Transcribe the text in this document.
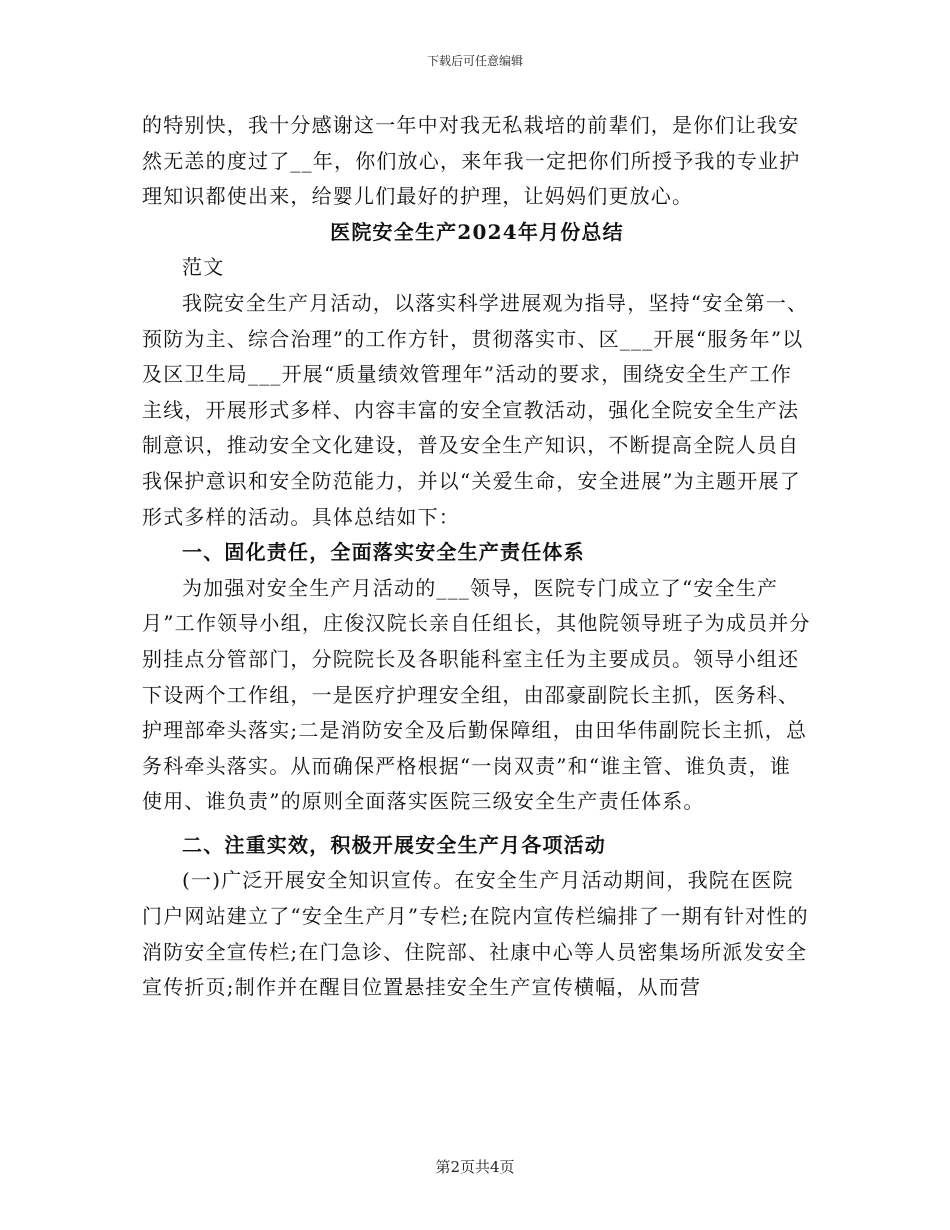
下载后可任意编辑

的特别快，我十分感谢这一年中对我无私栽培的前辈们，是你们让我安然无恙的度过了__年，你们放心，来年我一定把你们所授予我的专业护理知识都使出来，给婴儿们最好的护理，让妈妈们更放心。

医院安全生产2024年月份总结

范文

我院安全生产月活动，以落实科学进展观为指导，坚持“安全第一、预防为主、综合治理”的工作方针，贯彻落实市、区___开展“服务年”以及区卫生局___开展“质量绩效管理年”活动的要求，围绕安全生产工作主线，开展形式多样、内容丰富的安全宣教活动，强化全院安全生产法制意识，推动安全文化建设，普及安全生产知识，不断提高全院人员自我保护意识和安全防范能力，并以“关爱生命，安全进展”为主题开展了形式多样的活动。具体总结如下：

一、固化责任，全面落实安全生产责任体系

为加强对安全生产月活动的___领导，医院专门成立了“安全生产月”工作领导小组，庄俊汉院长亲自任组长，其他院领导班子为成员并分别挂点分管部门，分院院长及各职能科室主任为主要成员。领导小组还下设两个工作组，一是医疗护理安全组，由邵豪副院长主抓，医务科、护理部牵头落实;二是消防安全及后勤保障组，由田华伟副院长主抓，总务科牵头落实。从而确保严格根据“一岗双责”和“谁主管、谁负责，谁使用、谁负责”的原则全面落实医院三级安全生产责任体系。

二、注重实效，积极开展安全生产月各项活动

(一)广泛开展安全知识宣传。在安全生产月活动期间，我院在医院门户网站建立了“安全生产月”专栏;在院内宣传栏编排了一期有针对性的消防安全宣传栏;在门急诊、住院部、社康中心等人员密集场所派发安全宣传折页;制作并在醒目位置悬挂安全生产宣传横幅，从而营

第2页共4页
